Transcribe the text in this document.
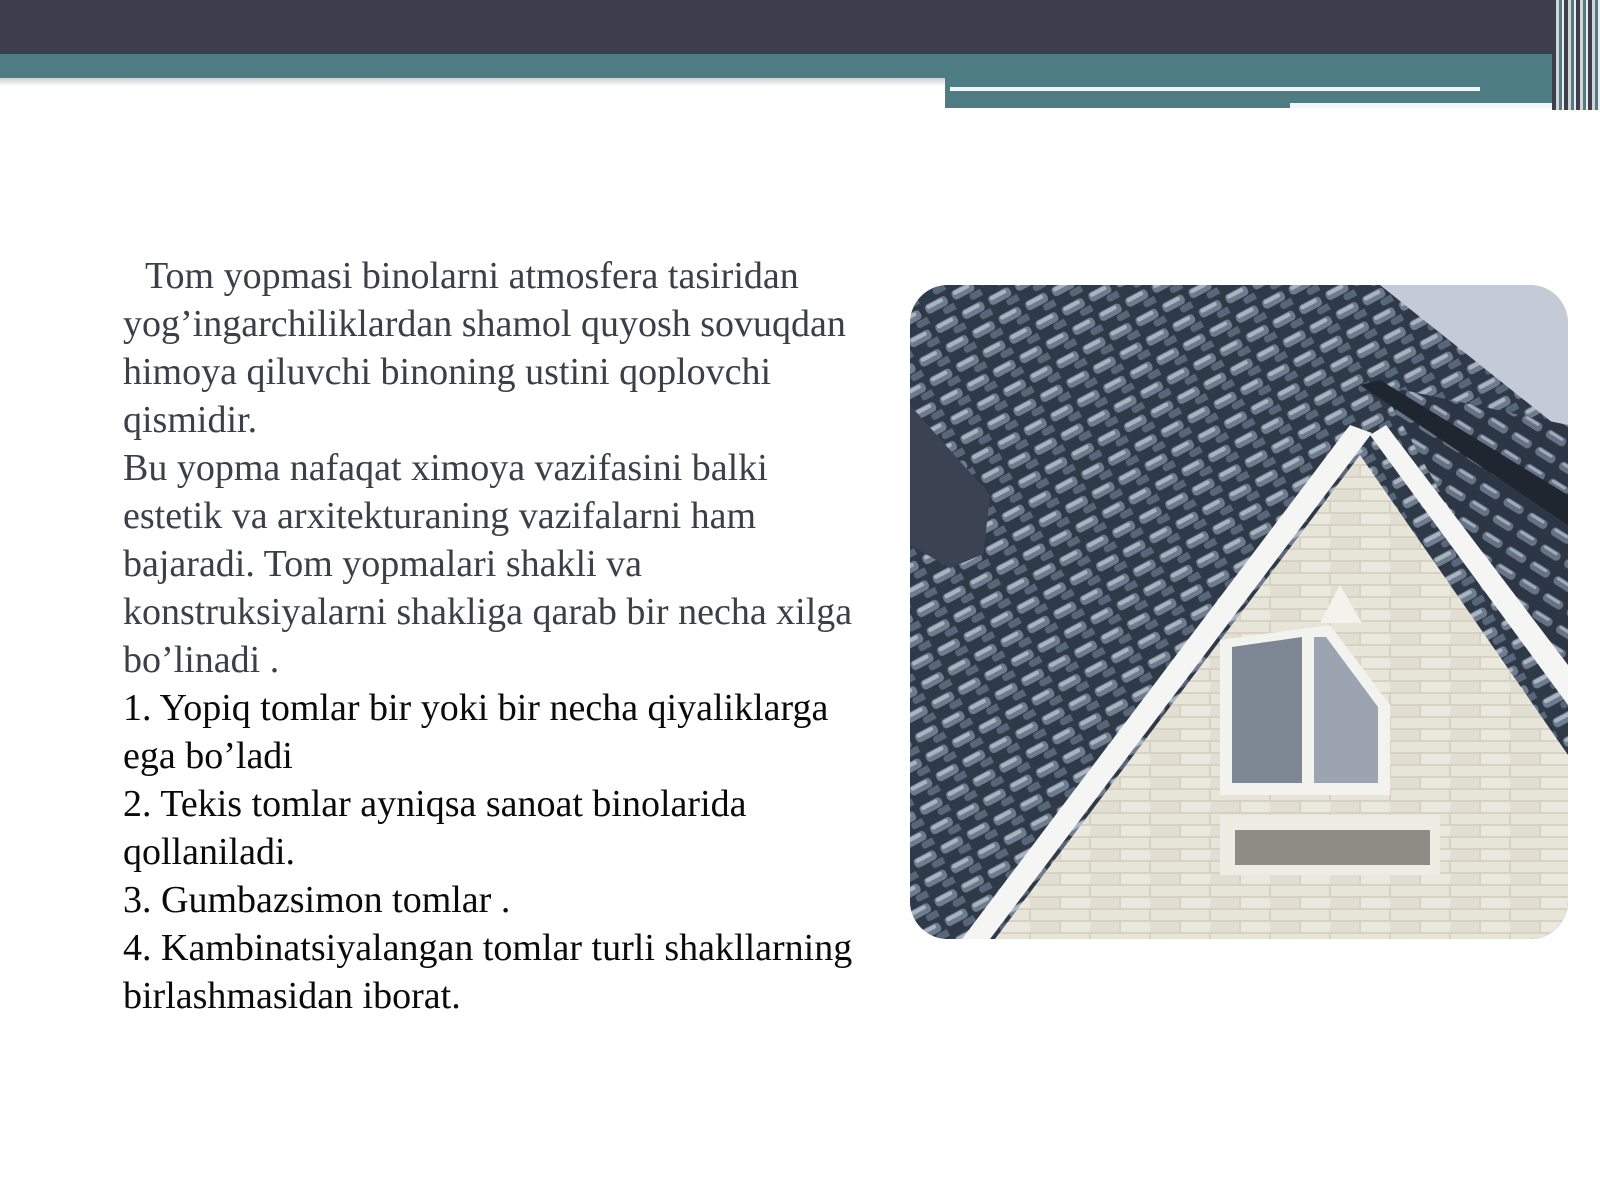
Tom yopmasi binolarni atmosfera tasiridan yog’ingarchiliklardan shamol quyosh sovuqdan himoya qiluvchi binoning ustini qoplovchi qismidir.

Bu yopma nafaqat ximoya vazifasini balki estetik va arxitekturaning vazifalarni ham bajaradi. Tom yopmalari shakli va konstruksiyalarni shakliga qarab bir necha xilga bo’linadi .

1. Yopiq tomlar bir yoki bir necha qiyaliklarga ega bo’ladi

2. Tekis tomlar ayniqsa sanoat binolarida qollaniladi.

3. Gumbazsimon tomlar .

4. Kambinatsiyalangan tomlar turli shakllarning birlashmasidan iborat.
